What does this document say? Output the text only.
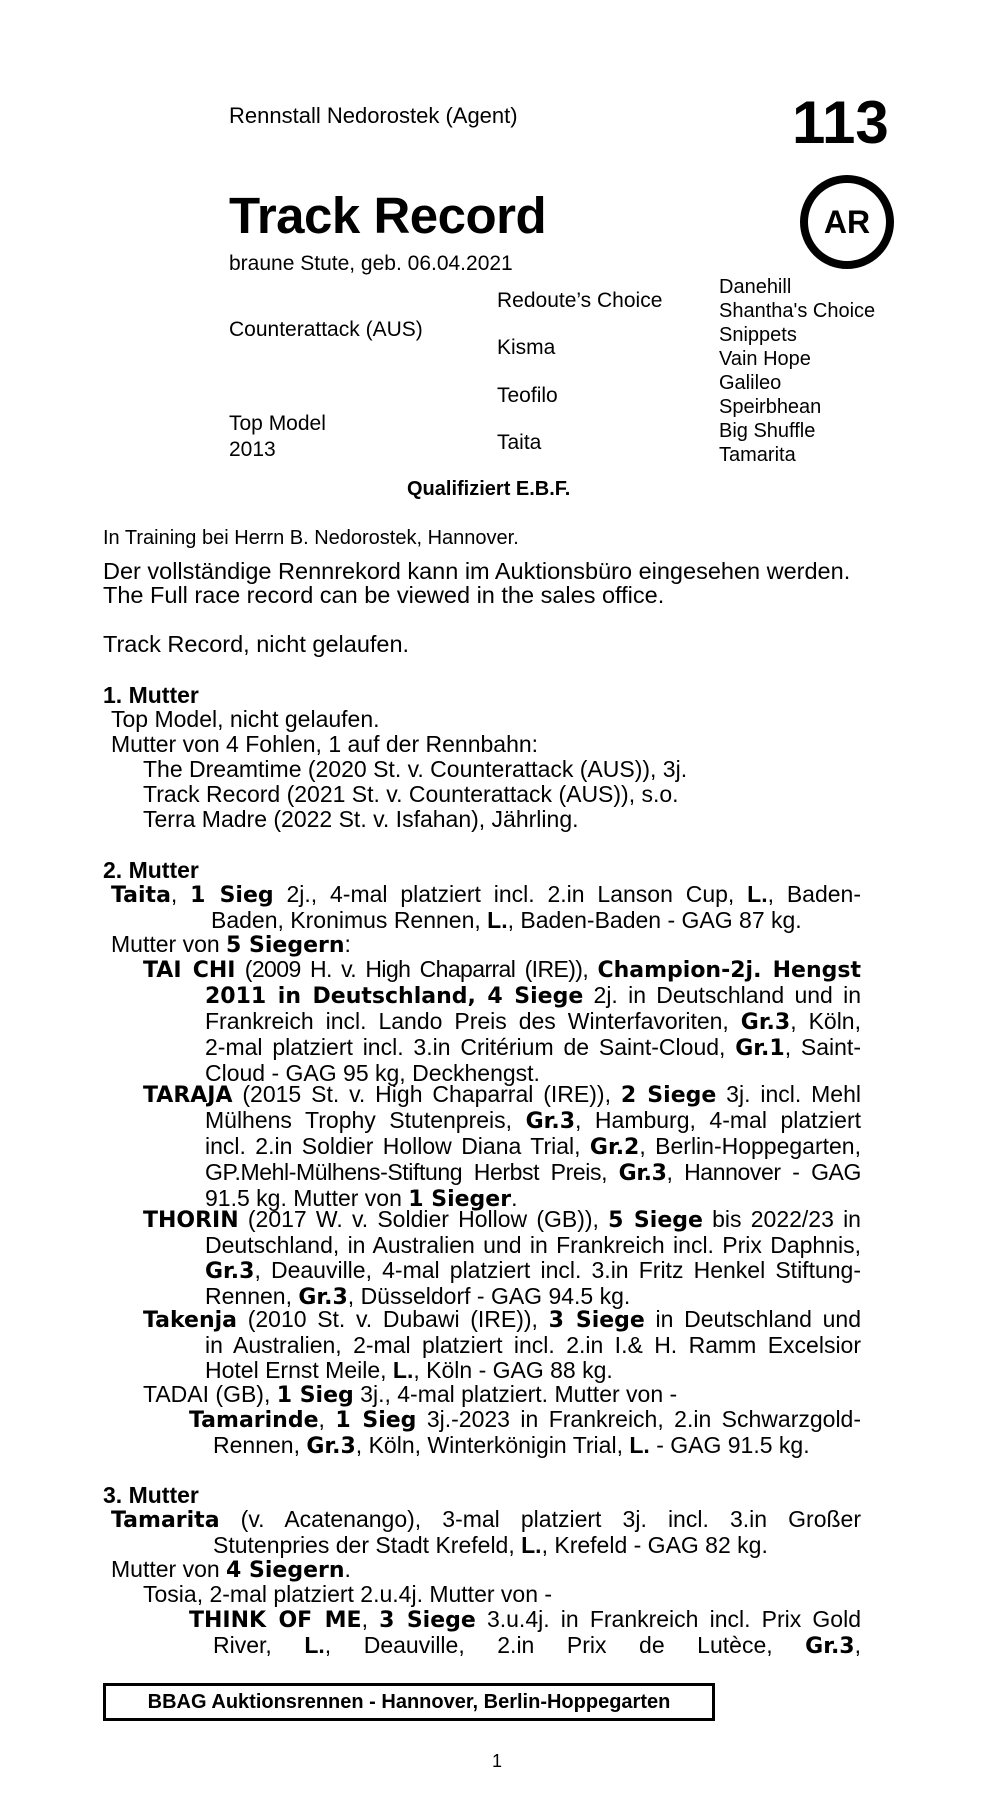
Rennstall Nedorostek (Agent)	113
Track Record	AR
braune Stute, geb. 06.04.2021
Counterattack (AUS)
Top Model
2013
Redoute’s Choice
Kisma
Teofilo
Taita
Danehill
Shantha's Choice
Snippets
Vain Hope
Galileo
Speirbhean
Big Shuffle
Tamarita
Qualifiziert E.B.F.
In Training bei Herrn B. Nedorostek, Hannover.
Der vollständige Rennrekord kann im Auktionsbüro eingesehen werden.
The Full race record can be viewed in the sales office.
Track Record, nicht gelaufen.
1. Mutter
Top Model, nicht gelaufen.
Mutter von 4 Fohlen, 1 auf der Rennbahn:
The Dreamtime (2020 St. v. Counterattack (AUS)), 3j.
Track Record (2021 St. v. Counterattack (AUS)), s.o.
Terra Madre (2022 St. v. Isfahan), Jährling.
2. Mutter
Taita, 1 Sieg 2j., 4-mal platziert incl. 2.in Lanson Cup, L., Baden-
Baden, Kronimus Rennen, L., Baden-Baden - GAG 87 kg.
Mutter von 5 Siegern:
TAI CHI (2009 H. v. High Chaparral (IRE)), Champion-2j. Hengst
2011 in Deutschland, 4 Siege 2j. in Deutschland und in
Frankreich incl. Lando Preis des Winterfavoriten, Gr.3, Köln,
2-mal platziert incl. 3.in Critérium de Saint-Cloud, Gr.1, Saint-
Cloud - GAG 95 kg, Deckhengst.
TARAJA (2015 St. v. High Chaparral (IRE)), 2 Siege 3j. incl. Mehl
Mülhens Trophy Stutenpreis, Gr.3, Hamburg, 4-mal platziert
incl. 2.in Soldier Hollow Diana Trial, Gr.2, Berlin-Hoppegarten,
GP.Mehl-Mülhens-Stiftung Herbst Preis, Gr.3, Hannover - GAG
91.5 kg. Mutter von 1 Sieger.
THORIN (2017 W. v. Soldier Hollow (GB)), 5 Siege bis 2022/23 in
Deutschland, in Australien und in Frankreich incl. Prix Daphnis,
Gr.3, Deauville, 4-mal platziert incl. 3.in Fritz Henkel Stiftung-
Rennen, Gr.3, Düsseldorf - GAG 94.5 kg.
Takenja (2010 St. v. Dubawi (IRE)), 3 Siege in Deutschland und
in Australien, 2-mal platziert incl. 2.in I.& H. Ramm Excelsior
Hotel Ernst Meile, L., Köln - GAG 88 kg.
TADAI (GB), 1 Sieg 3j., 4-mal platziert. Mutter von -
Tamarinde, 1 Sieg 3j.-2023 in Frankreich, 2.in Schwarzgold-
Rennen, Gr.3, Köln, Winterkönigin Trial, L. - GAG 91.5 kg.
3. Mutter
Tamarita (v. Acatenango), 3-mal platziert 3j. incl. 3.in Großer
Stutenpries der Stadt Krefeld, L., Krefeld - GAG 82 kg.
Mutter von 4 Siegern.
Tosia, 2-mal platziert 2.u.4j. Mutter von -
THINK OF ME, 3 Siege 3.u.4j. in Frankreich incl. Prix Gold
River, L., Deauville, 2.in Prix de Lutèce, Gr.3,
BBAG Auktionsrennen - Hannover, Berlin-Hoppegarten
1
